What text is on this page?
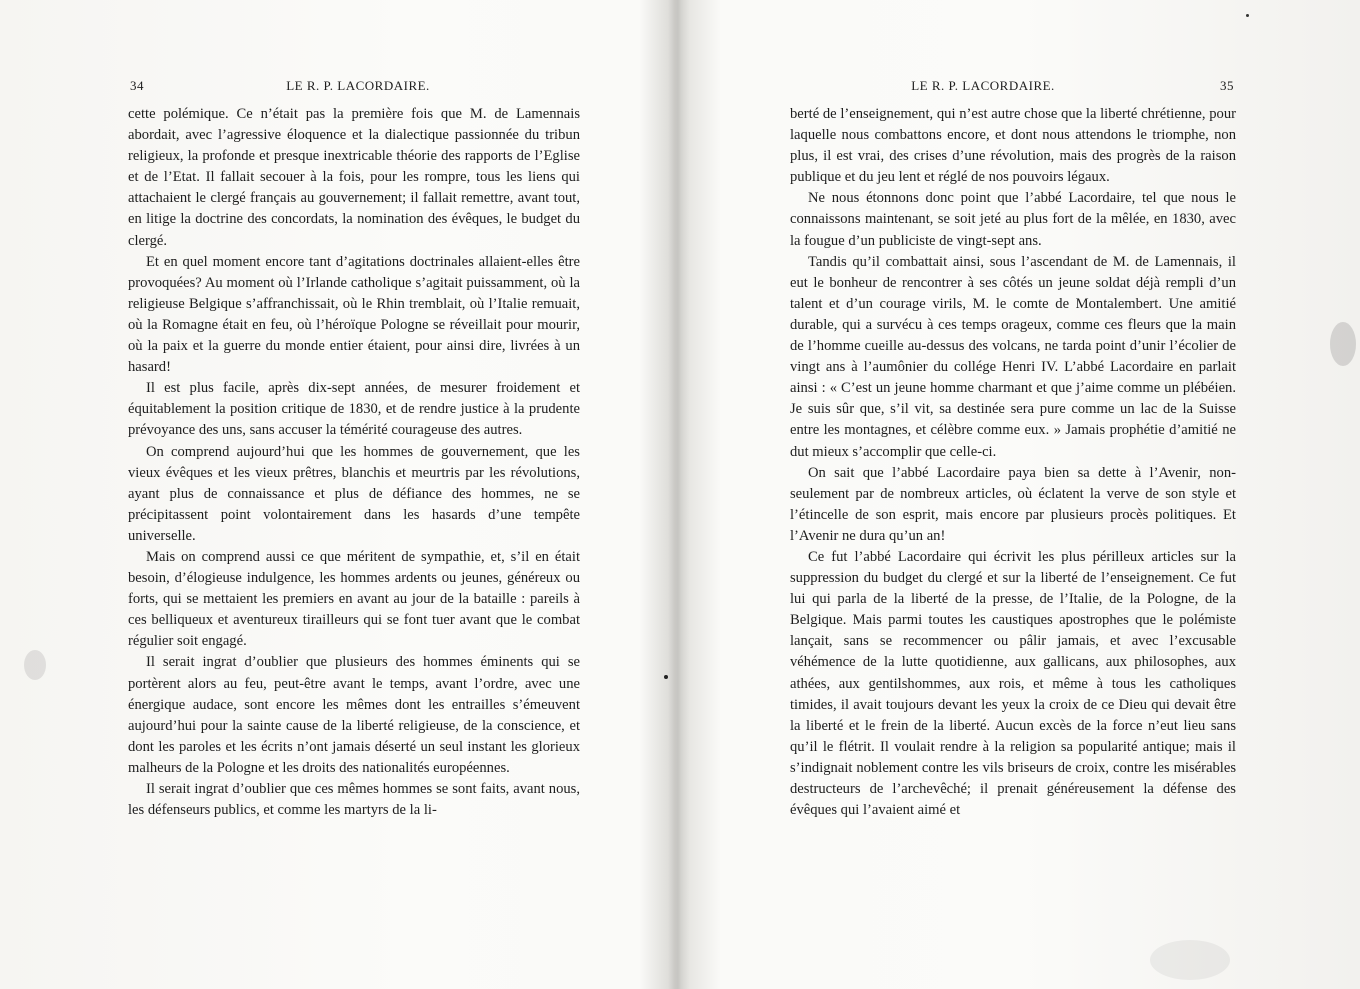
34	LE R. P. LACORDAIRE.

cette polémique. Ce n’était pas la première fois que M. de Lamennais abordait, avec l’agressive éloquence et la dialectique passionnée du tribun religieux, la profonde et presque inextricable théorie des rapports de l’Eglise et de l’Etat. Il fallait secouer à la fois, pour les rompre, tous les liens qui attachaient le clergé français au gouvernement; il fallait remettre, avant tout, en litige la doctrine des concordats, la nomination des évêques, le budget du clergé.

Et en quel moment encore tant d’agitations doctrinales allaient-elles être provoquées? Au moment où l’Irlande catholique s’agitait puissamment, où la religieuse Belgique s’affranchissait, où le Rhin tremblait, où l’Italie remuait, où la Romagne était en feu, où l’héroïque Pologne se réveillait pour mourir, où la paix et la guerre du monde entier étaient, pour ainsi dire, livrées à un hasard!

Il est plus facile, après dix-sept années, de mesurer froidement et équitablement la position critique de 1830, et de rendre justice à la prudente prévoyance des uns, sans accuser la témérité courageuse des autres.

On comprend aujourd’hui que les hommes de gouvernement, que les vieux évêques et les vieux prêtres, blanchis et meurtris par les révolutions, ayant plus de connaissance et plus de défiance des hommes, ne se précipitassent point volontairement dans les hasards d’une tempête universelle.

Mais on comprend aussi ce que méritent de sympathie, et, s’il en était besoin, d’élogieuse indulgence, les hommes ardents ou jeunes, généreux ou forts, qui se mettaient les premiers en avant au jour de la bataille : pareils à ces belliqueux et aventureux tirailleurs qui se font tuer avant que le combat régulier soit engagé.

Il serait ingrat d’oublier que plusieurs des hommes éminents qui se portèrent alors au feu, peut-être avant le temps, avant l’ordre, avec une énergique audace, sont encore les mêmes dont les entrailles s’émeuvent aujourd’hui pour la sainte cause de la liberté religieuse, de la conscience, et dont les paroles et les écrits n’ont jamais déserté un seul instant les glorieux malheurs de la Pologne et les droits des nationalités européennes.

Il serait ingrat d’oublier que ces mêmes hommes se sont faits, avant nous, les défenseurs publics, et comme les martyrs de la li-

LE R. P. LACORDAIRE.	35

berté de l’enseignement, qui n’est autre chose que la liberté chrétienne, pour laquelle nous combattons encore, et dont nous attendons le triomphe, non plus, il est vrai, des crises d’une révolution, mais des progrès de la raison publique et du jeu lent et réglé de nos pouvoirs légaux.

Ne nous étonnons donc point que l’abbé Lacordaire, tel que nous le connaissons maintenant, se soit jeté au plus fort de la mêlée, en 1830, avec la fougue d’un publiciste de vingt-sept ans.

Tandis qu’il combattait ainsi, sous l’ascendant de M. de Lamennais, il eut le bonheur de rencontrer à ses côtés un jeune soldat déjà rempli d’un talent et d’un courage virils, M. le comte de Montalembert. Une amitié durable, qui a survécu à ces temps orageux, comme ces fleurs que la main de l’homme cueille au-dessus des volcans, ne tarda point d’unir l’écolier de vingt ans à l’aumônier du collége Henri IV. L’abbé Lacordaire en parlait ainsi : « C’est un jeune homme charmant et que j’aime comme un plébéien. Je suis sûr que, s’il vit, sa destinée sera pure comme un lac de la Suisse entre les montagnes, et célèbre comme eux. » Jamais prophétie d’amitié ne dut mieux s’accomplir que celle-ci.

On sait que l’abbé Lacordaire paya bien sa dette à l’Avenir, non-seulement par de nombreux articles, où éclatent la verve de son style et l’étincelle de son esprit, mais encore par plusieurs procès politiques. Et l’Avenir ne dura qu’un an!

Ce fut l’abbé Lacordaire qui écrivit les plus périlleux articles sur la suppression du budget du clergé et sur la liberté de l’enseignement. Ce fut lui qui parla de la liberté de la presse, de l’Italie, de la Pologne, de la Belgique. Mais parmi toutes les caustiques apostrophes que le polémiste lançait, sans se recommencer ou pâlir jamais, et avec l’excusable véhémence de la lutte quotidienne, aux gallicans, aux philosophes, aux athées, aux gentilshommes, aux rois, et même à tous les catholiques timides, il avait toujours devant les yeux la croix de ce Dieu qui devait être la liberté et le frein de la liberté. Aucun excès de la force n’eut lieu sans qu’il le flétrit. Il voulait rendre à la religion sa popularité antique; mais il s’indignait noblement contre les vils briseurs de croix, contre les misérables destructeurs de l’archevêché; il prenait généreusement la défense des évêques qui l’avaient aimé et
